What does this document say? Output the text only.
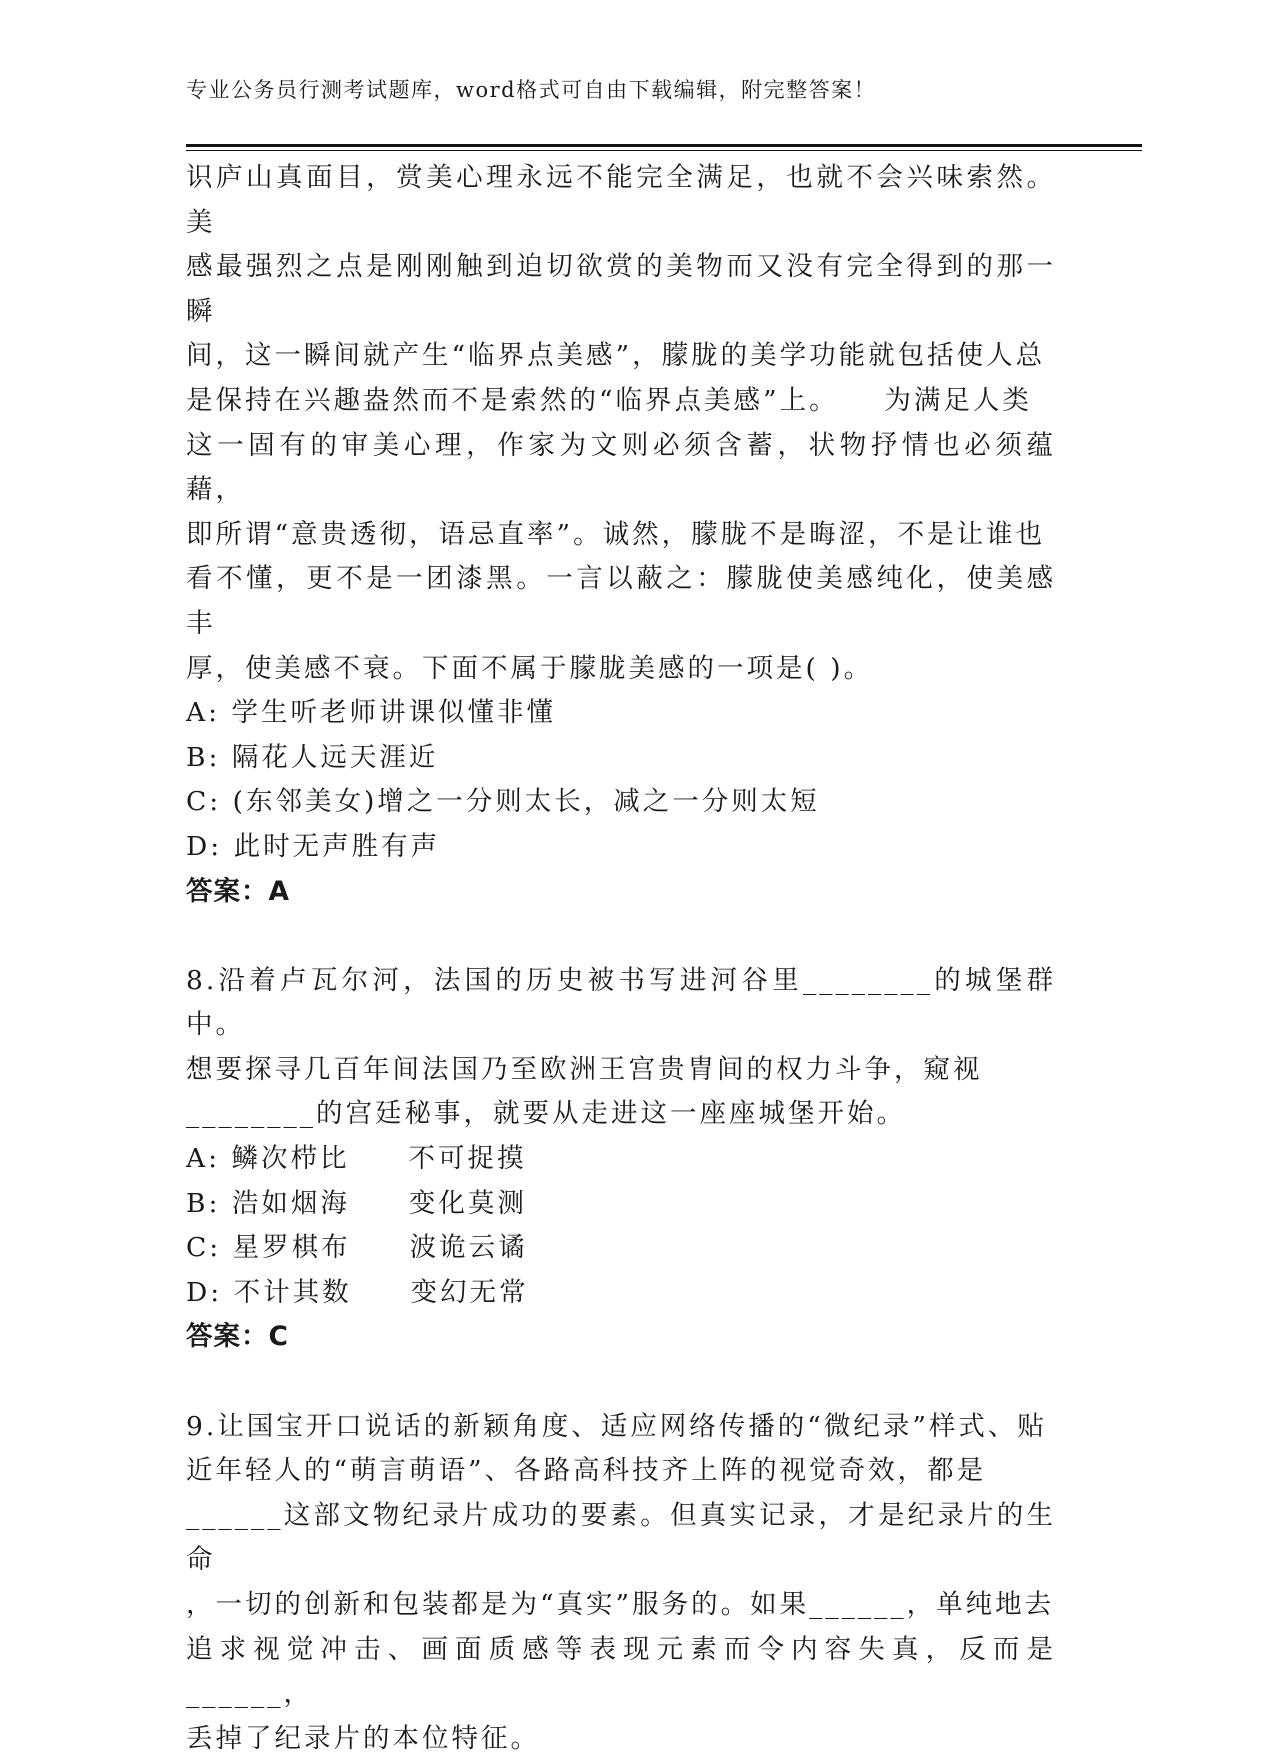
专业公务员行测考试题库，word格式可自由下载编辑，附完整答案！

识庐山真面目，赏美心理永远不能完全满足，也就不会兴味索然。美

感最强烈之点是刚刚触到迫切欲赏的美物而又没有完全得到的那一瞬

间，这一瞬间就产生“临界点美感”，朦胧的美学功能就包括使人总

是保持在兴趣盎然而不是索然的“临界点美感”上。　　为满足人类

这一固有的审美心理，作家为文则必须含蓄，状物抒情也必须蕴藉，

即所谓“意贵透彻，语忌直率”。诚然，朦胧不是晦涩，不是让谁也

看不懂，更不是一团漆黑。一言以蔽之：朦胧使美感纯化，使美感丰

厚，使美感不衰。下面不属于朦胧美感的一项是( )。

A: 学生听老师讲课似懂非懂

B: 隔花人远天涯近

C: (东邻美女)增之一分则太长，减之一分则太短

D: 此时无声胜有声

答案：A

8.沿着卢瓦尔河，法国的历史被书写进河谷里________的城堡群中。

想要探寻几百年间法国乃至欧洲王宫贵胄间的权力斗争，窥视

________的宫廷秘事，就要从走进这一座座城堡开始。

A: 鳞次栉比　　不可捉摸

B: 浩如烟海　　变化莫测

C: 星罗棋布　　波诡云谲

D: 不计其数　　变幻无常

答案：C

9.让国宝开口说话的新颖角度、适应网络传播的“微纪录”样式、贴

近年轻人的“萌言萌语”、各路高科技齐上阵的视觉奇效，都是

______这部文物纪录片成功的要素。但真实记录，才是纪录片的生命

，一切的创新和包装都是为“真实”服务的。如果______，单纯地去

追求视觉冲击、画面质感等表现元素而令内容失真，反而是______，

丢掉了纪录片的本位特征。
